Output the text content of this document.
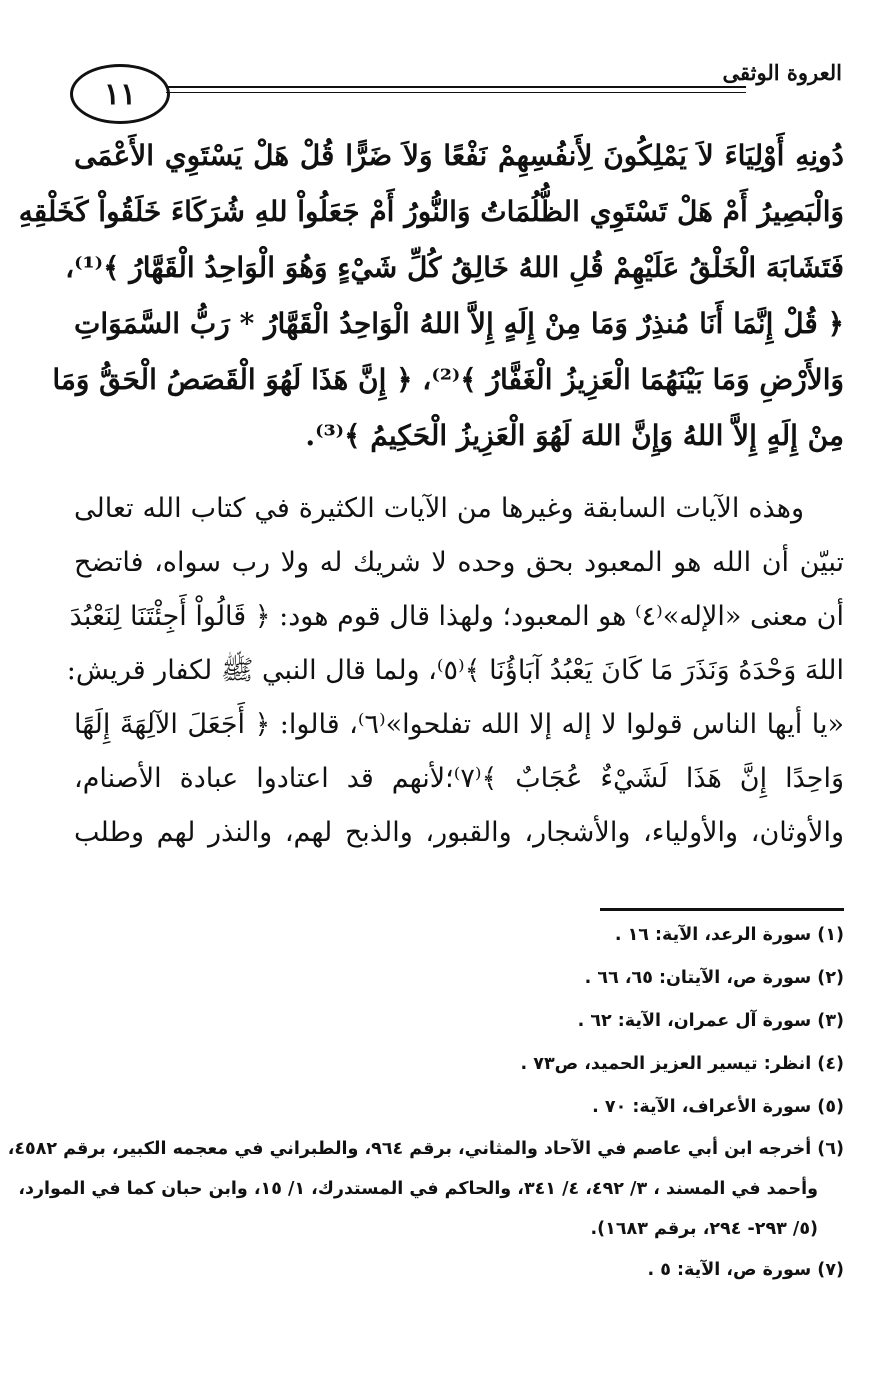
١١
العروة الوثقى
دُونِهِ أَوْلِيَاءَ لاَ يَمْلِكُونَ لِأَنفُسِهِمْ نَفْعًا وَلاَ ضَرًّا قُلْ هَلْ يَسْتَوِي الأَعْمَى
وَالْبَصِيرُ أَمْ هَلْ تَسْتَوِي الظُّلُمَاتُ وَالنُّورُ أَمْ جَعَلُواْ للهِ شُرَكَاءَ خَلَقُواْ كَخَلْقِهِ
فَتَشَابَهَ الْخَلْقُ عَلَيْهِمْ قُلِ اللهُ خَالِقُ كُلِّ شَيْءٍ وَهُوَ الْوَاحِدُ الْقَهَّارُ ﴾⁽¹⁾،
﴿ قُلْ إِنَّمَا أَنَا مُنذِرٌ وَمَا مِنْ إِلَهٍ إِلاَّ اللهُ الْوَاحِدُ الْقَهَّارُ * رَبُّ السَّمَوَاتِ
وَالأَرْضِ وَمَا بَيْنَهُمَا الْعَزِيزُ الْغَفَّارُ ﴾⁽²⁾، ﴿ إِنَّ هَذَا لَهُوَ الْقَصَصُ الْحَقُّ وَمَا
مِنْ إِلَهٍ إِلاَّ اللهُ وَإِنَّ اللهَ لَهُوَ الْعَزِيزُ الْحَكِيمُ ﴾⁽³⁾.
وهذه الآيات السابقة وغيرها من الآيات الكثيرة في كتاب الله تعالى
تبيّن أن الله هو المعبود بحق وحده لا شريك له ولا رب سواه، فاتضح
أن معنى «الإله»⁽٤⁾ هو المعبود؛ ولهذا قال قوم هود: ﴿ قَالُواْ أَجِئْتَنَا لِنَعْبُدَ
اللهَ وَحْدَهُ وَنَذَرَ مَا كَانَ يَعْبُدُ آبَاؤُنَا ﴾⁽٥⁾، ولما قال النبي ﷺ لكفار قريش:
«يا أيها الناس قولوا لا إله إلا الله تفلحوا»⁽٦⁾، قالوا: ﴿ أَجَعَلَ الآلِهَةَ إِلَهًا
وَاحِدًا إِنَّ هَذَا لَشَيْءٌ عُجَابٌ ﴾⁽٧⁾؛لأنهم قد اعتادوا عبادة الأصنام،
والأوثان، والأولياء، والأشجار، والقبور، والذبح لهم، والنذر لهم وطلب

(١) سورة الرعد، الآية: ١٦ .

(٢) سورة ص، الآيتان: ٦٥، ٦٦ .

(٣) سورة آل عمران، الآية: ٦٢ .

(٤) انظر: تيسير العزيز الحميد، ص٧٣ .

(٥) سورة الأعراف، الآية: ٧٠ .

(٦) أخرجه ابن أبي عاصم في الآحاد والمثاني، برقم ٩٦٤، والطبراني في معجمه الكبير، برقم ٤٥٨٢،

وأحمد في المسند ، ٣/ ٤٩٢، ٤/ ٣٤١، والحاكم في المستدرك، ١/ ١٥، وابن حبان كما في الموارد،

(٥/ ٢٩٣- ٢٩٤، برقم ١٦٨٣).

(٧) سورة ص، الآية: ٥ .
